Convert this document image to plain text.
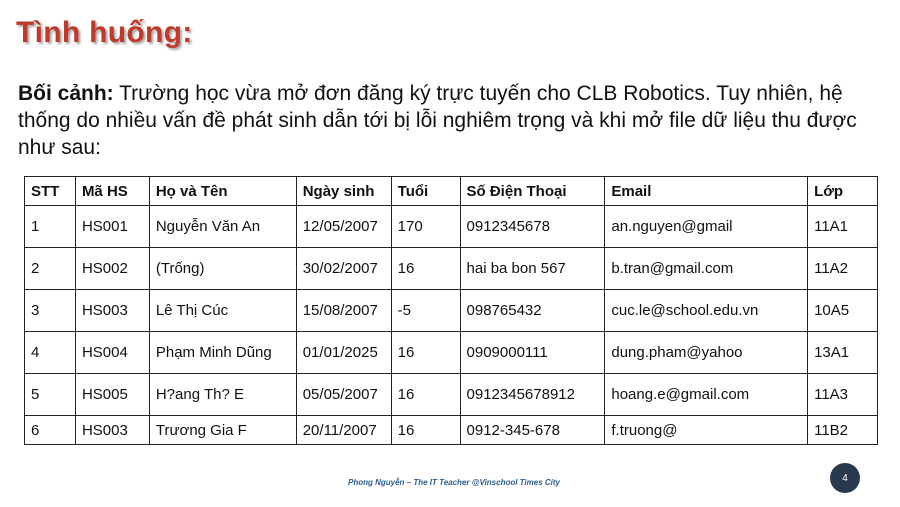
Tình huống:
Bối cảnh: Trường học vừa mở đơn đăng ký trực tuyến cho CLB Robotics. Tuy nhiên, hệ thống do nhiều vấn đề phát sinh dẫn tới bị lỗi nghiêm trọng và khi mở file dữ liệu thu được như sau:
STT	Mã HS	Họ và Tên	Ngày sinh	Tuổi	Số Điện Thoại	Email	Lớp
1	HS001	Nguyễn Văn An	12/05/2007	170	0912345678	an.nguyen@gmail	11A1
2	HS002	(Trống)	30/02/2007	16	hai ba bon 567	b.tran@gmail.com	11A2
3	HS003	Lê Thị Cúc	15/08/2007	-5	098765432	cuc.le@school.edu.vn	10A5
4	HS004	Phạm Minh Dũng	01/01/2025	16	0909000111	dung.pham@yahoo	13A1
5	HS005	H?ang Th? E	05/05/2007	16	0912345678912	hoang.e@gmail.com	11A3
6	HS003	Trương Gia F	20/11/2007	16	0912-345-678	f.truong@	11B2
Phong Nguyễn – The IT Teacher @Vinschool Times City	4
